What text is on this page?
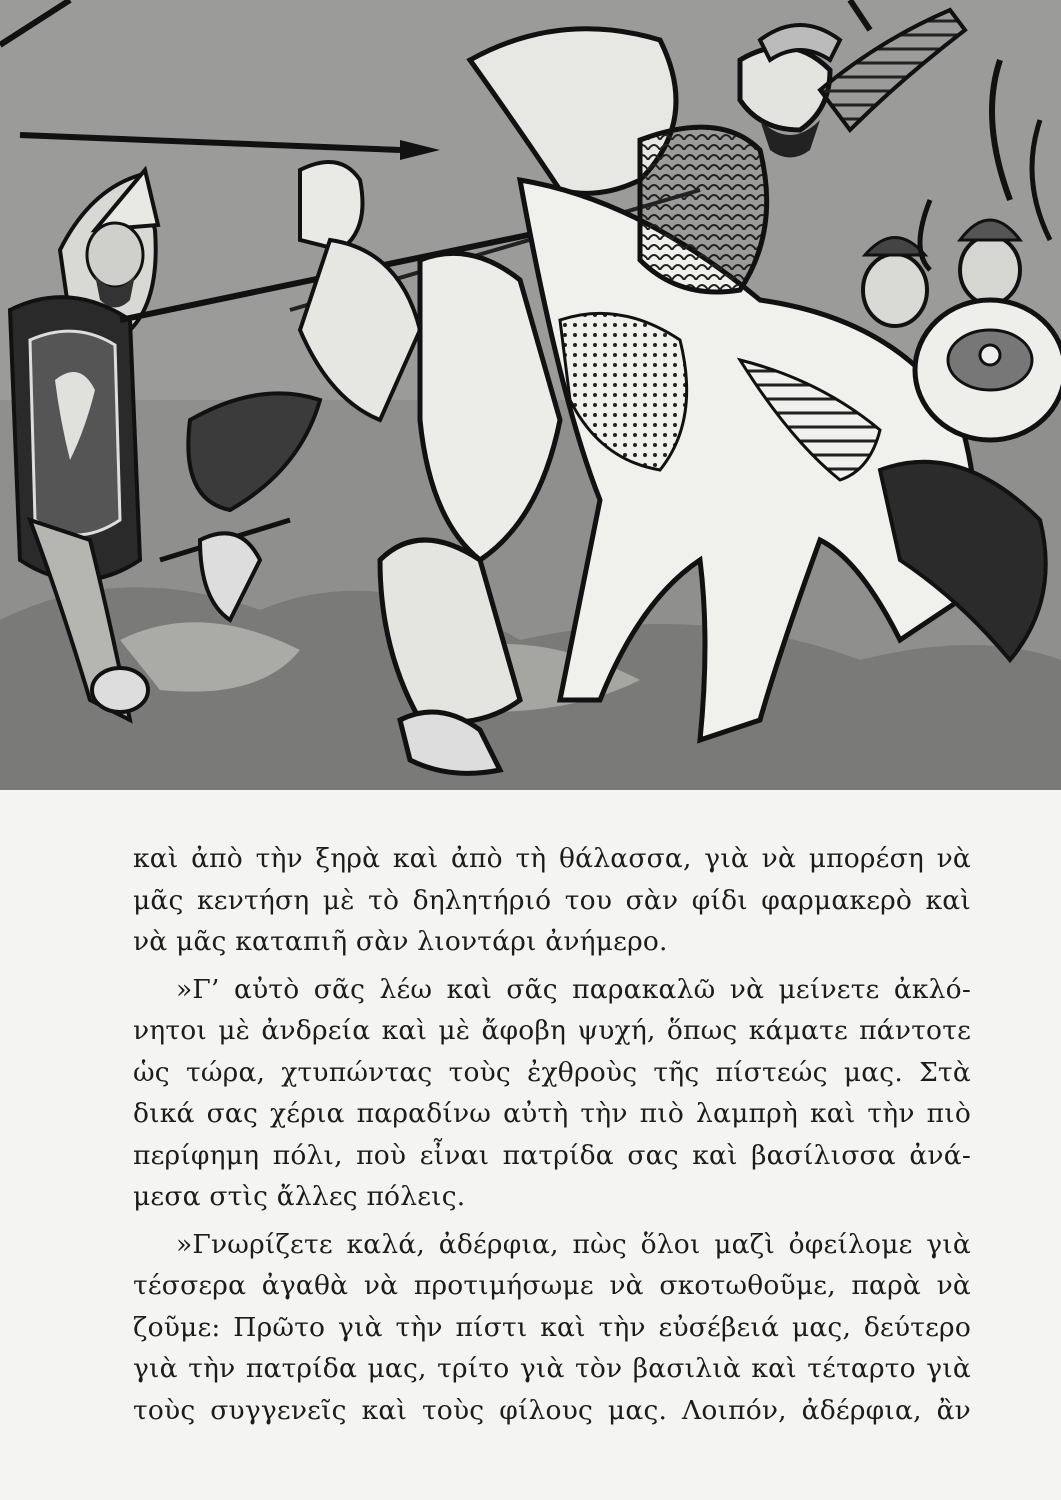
καὶ ἀπὸ τὴν ξηρὰ καὶ ἀπὸ τὴ θάλασσα, γιὰ νὰ μπορέση νὰ
μᾶς κεντήση μὲ τὸ δηλητήριό του σὰν φίδι φαρμακερὸ καὶ
νὰ μᾶς καταπιῆ σὰν λιοντάρι ἀνήμερο.
»Γ’ αὐτὸ σᾶς λέω καὶ σᾶς παρακαλῶ νὰ μείνετε ἀκλό-
νητοι μὲ ἀνδρεία καὶ μὲ ἄφοβη ψυχή, ὅπως κάματε πάντοτε
ὡς τώρα, χτυπώντας τοὺς ἐχθροὺς τῆς πίστεώς μας. Στὰ
δικά σας χέρια παραδίνω αὐτὴ τὴν πιὸ λαμπρὴ καὶ τὴν πιὸ
περίφημη πόλι, ποὺ εἶναι πατρίδα σας καὶ βασίλισσα ἀνά-
μεσα στὶς ἄλλες πόλεις.
»Γνωρίζετε καλά, ἀδέρφια, πὼς ὅλοι μαζὶ ὀφείλομε γιὰ
τέσσερα ἀγαθὰ νὰ προτιμήσωμε νὰ σκοτωθοῦμε, παρὰ νὰ
ζοῦμε: Πρῶτο γιὰ τὴν πίστι καὶ τὴν εὐσέβειά μας, δεύτερο
γιὰ τὴν πατρίδα μας, τρίτο γιὰ τὸν βασιλιὰ καὶ τέταρτο γιὰ
τοὺς συγγενεῖς καὶ τοὺς φίλους μας. Λοιπόν, ἀδέρφια, ἂν
